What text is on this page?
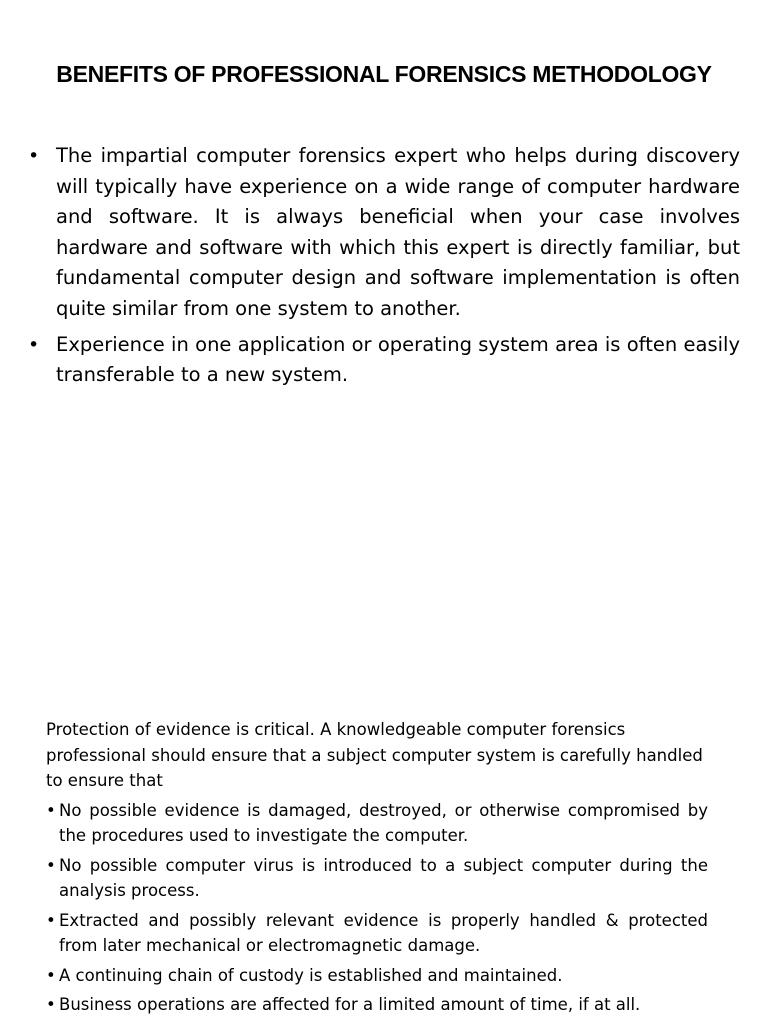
BENEFITS OF PROFESSIONAL FORENSICS METHODOLOGY
• The impartial computer forensics expert who helps during discovery will typically have experience on a wide range of computer hardware and software. It is always beneficial when your case involves hardware and software with which this expert is directly familiar, but fundamental computer design and software implementation is often quite similar from one system to another.
• Experience in one application or operating system area is often easily transferable to a new system.

Protection of evidence is critical. A knowledgeable computer forensics professional should ensure that a subject computer system is carefully handled to ensure that

• No possible evidence is damaged, destroyed, or otherwise compromised by the procedures used to investigate the computer.
• No possible computer virus is introduced to a subject computer during the analysis process.
• Extracted and possibly relevant evidence is properly handled & protected from later mechanical or electromagnetic damage.
• A continuing chain of custody is established and maintained.
• Business operations are affected for a limited amount of time, if at all.
